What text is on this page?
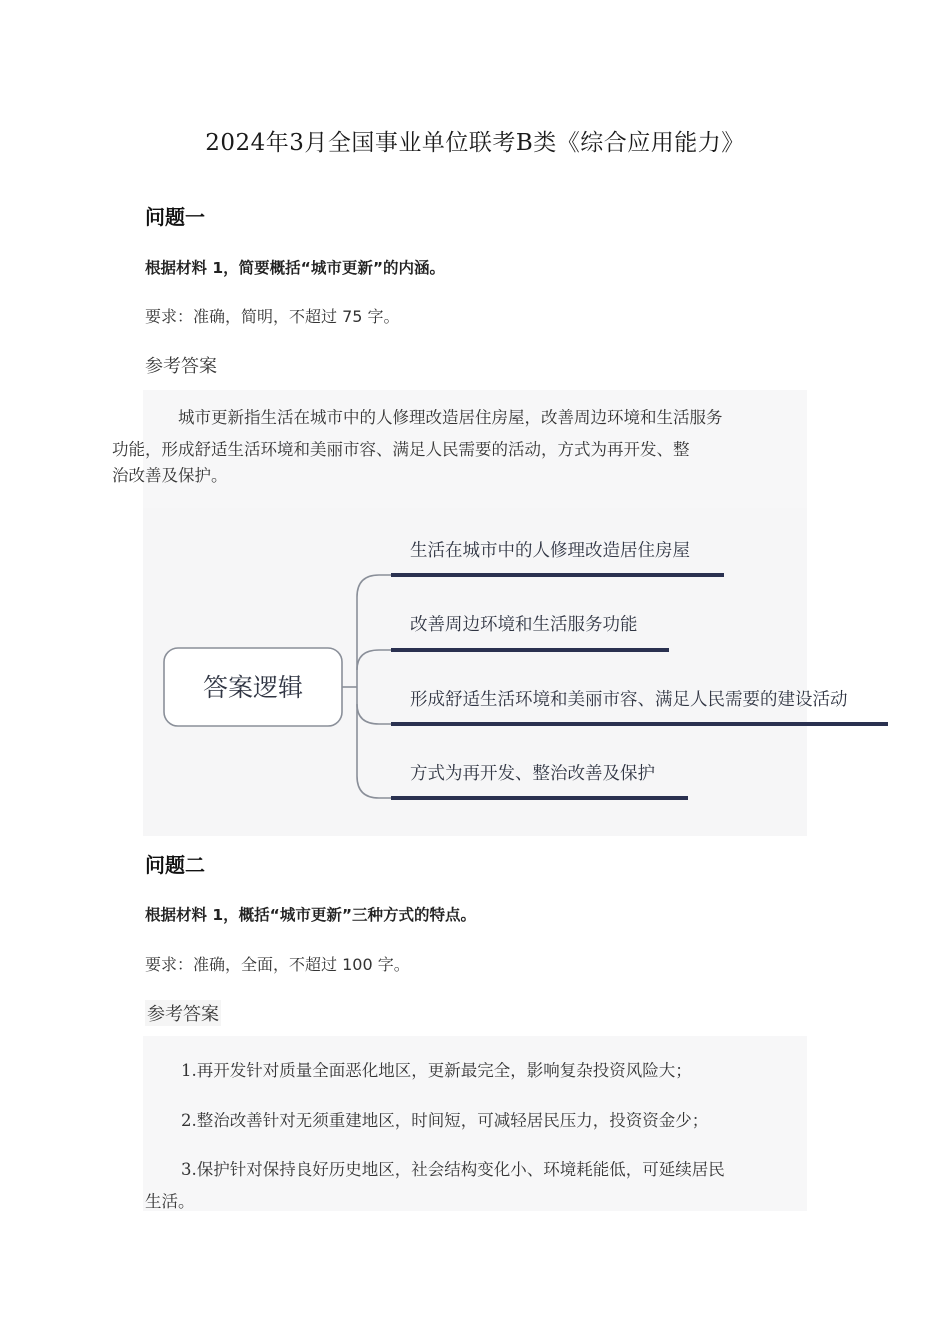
2024年3月全国事业单位联考B类《综合应用能力》
问题一
根据材料 1，简要概括“城市更新”的内涵。
要求：准确，简明，不超过 75 字。
参考答案

城市更新指生活在城市中的人修理改造居住房屋，改善周边环境和生活服务
功能，形成舒适生活环境和美丽市容、满足人民需要的活动，方式为再开发、整
治改善及保护。

答案逻辑
生活在城市中的人修理改造居住房屋
改善周边环境和生活服务功能
形成舒适生活环境和美丽市容、满足人民需要的建设活动
方式为再开发、整治改善及保护
问题二
根据材料 1，概括“城市更新”三种方式的特点。
要求：准确，全面，不超过 100 字。
参考答案

1.再开发针对质量全面恶化地区，更新最完全，影响复杂投资风险大；

2.整治改善针对无须重建地区，时间短，可减轻居民压力，投资资金少；

3.保护针对保持良好历史地区，社会结构变化小、环境耗能低，可延续居民

生活。
